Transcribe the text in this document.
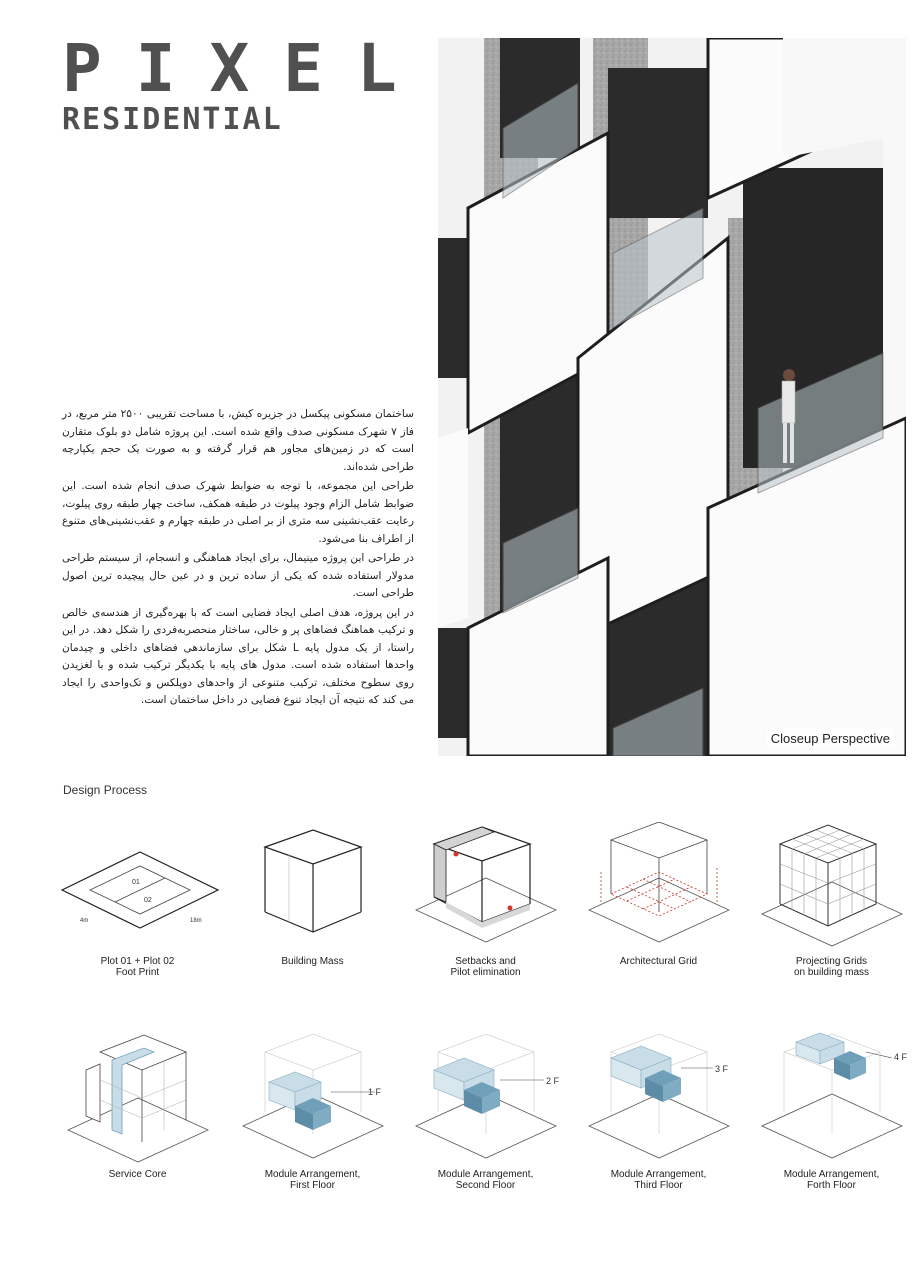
PIXEL
RESIDENTIAL
Closeup Perspective

ساختمان مسکونی پیکسل در جزیره کیش، با مساحت تقریبی ۲۵۰۰ متر مربع، در فاز ۷ شهرک مسکونی صدف واقع شده است. این پروژه شامل دو بلوک متقارن است که در زمین‌های مجاور هم قرار گرفته و به صورت یک حجم یکپارچه طراحی شده‌اند.

طراحی این مجموعه، با توجه به ضوابط شهرک صدف انجام شده است. این ضوابط شامل الزام وجود پیلوت در طبقه همکف، ساخت چهار طبقه روی پیلوت، رعایت عقب‌نشینی سه متری از بر اصلی در طبقه چهارم و عقب‌نشینی‌های متنوع از اطراف بنا می‌شود.

در طراحی این پروژه مینیمال، برای ایجاد هماهنگی و انسجام، از سیستم طراحی مدولار استفاده شده که یکی از ساده ترین و در عین حال پیچیده ترین اصول طراحی است.

در این پروژه، هدف اصلی ایجاد فضایی است که با بهره‌گیری از هندسه‌ی خالص و ترکیب هماهنگ فضاهای پر و خالی، ساختار منحصربه‌فردی را شکل دهد. در این راستا، از یک مدول پایه L شکل برای سازماندهی فضاهای داخلی و چیدمان واحدها استفاده شده است. مدول های پایه با یکدیگر ترکیب شده و با لغزیدن روی سطوح مختلف، ترکیب متنوعی از واحدهای دوپلکس و تک‌واحدی را ایجاد می کند که نتیجه آن ایجاد تنوع فضایی در داخل ساختمان است.

Design Process
01
02
4m	18m
Plot 01 + Plot 02
Foot Print
Building Mass	Setbacks and
Pilot elimination
Architectural Grid	Projecting Grids
on building mass
Service Core
1 F
Module Arrangement,
First Floor
2 F
Module Arrangement,
Second Floor
3 F
Module Arrangement,
Third Floor
4 F
Module Arrangement,
Forth Floor
